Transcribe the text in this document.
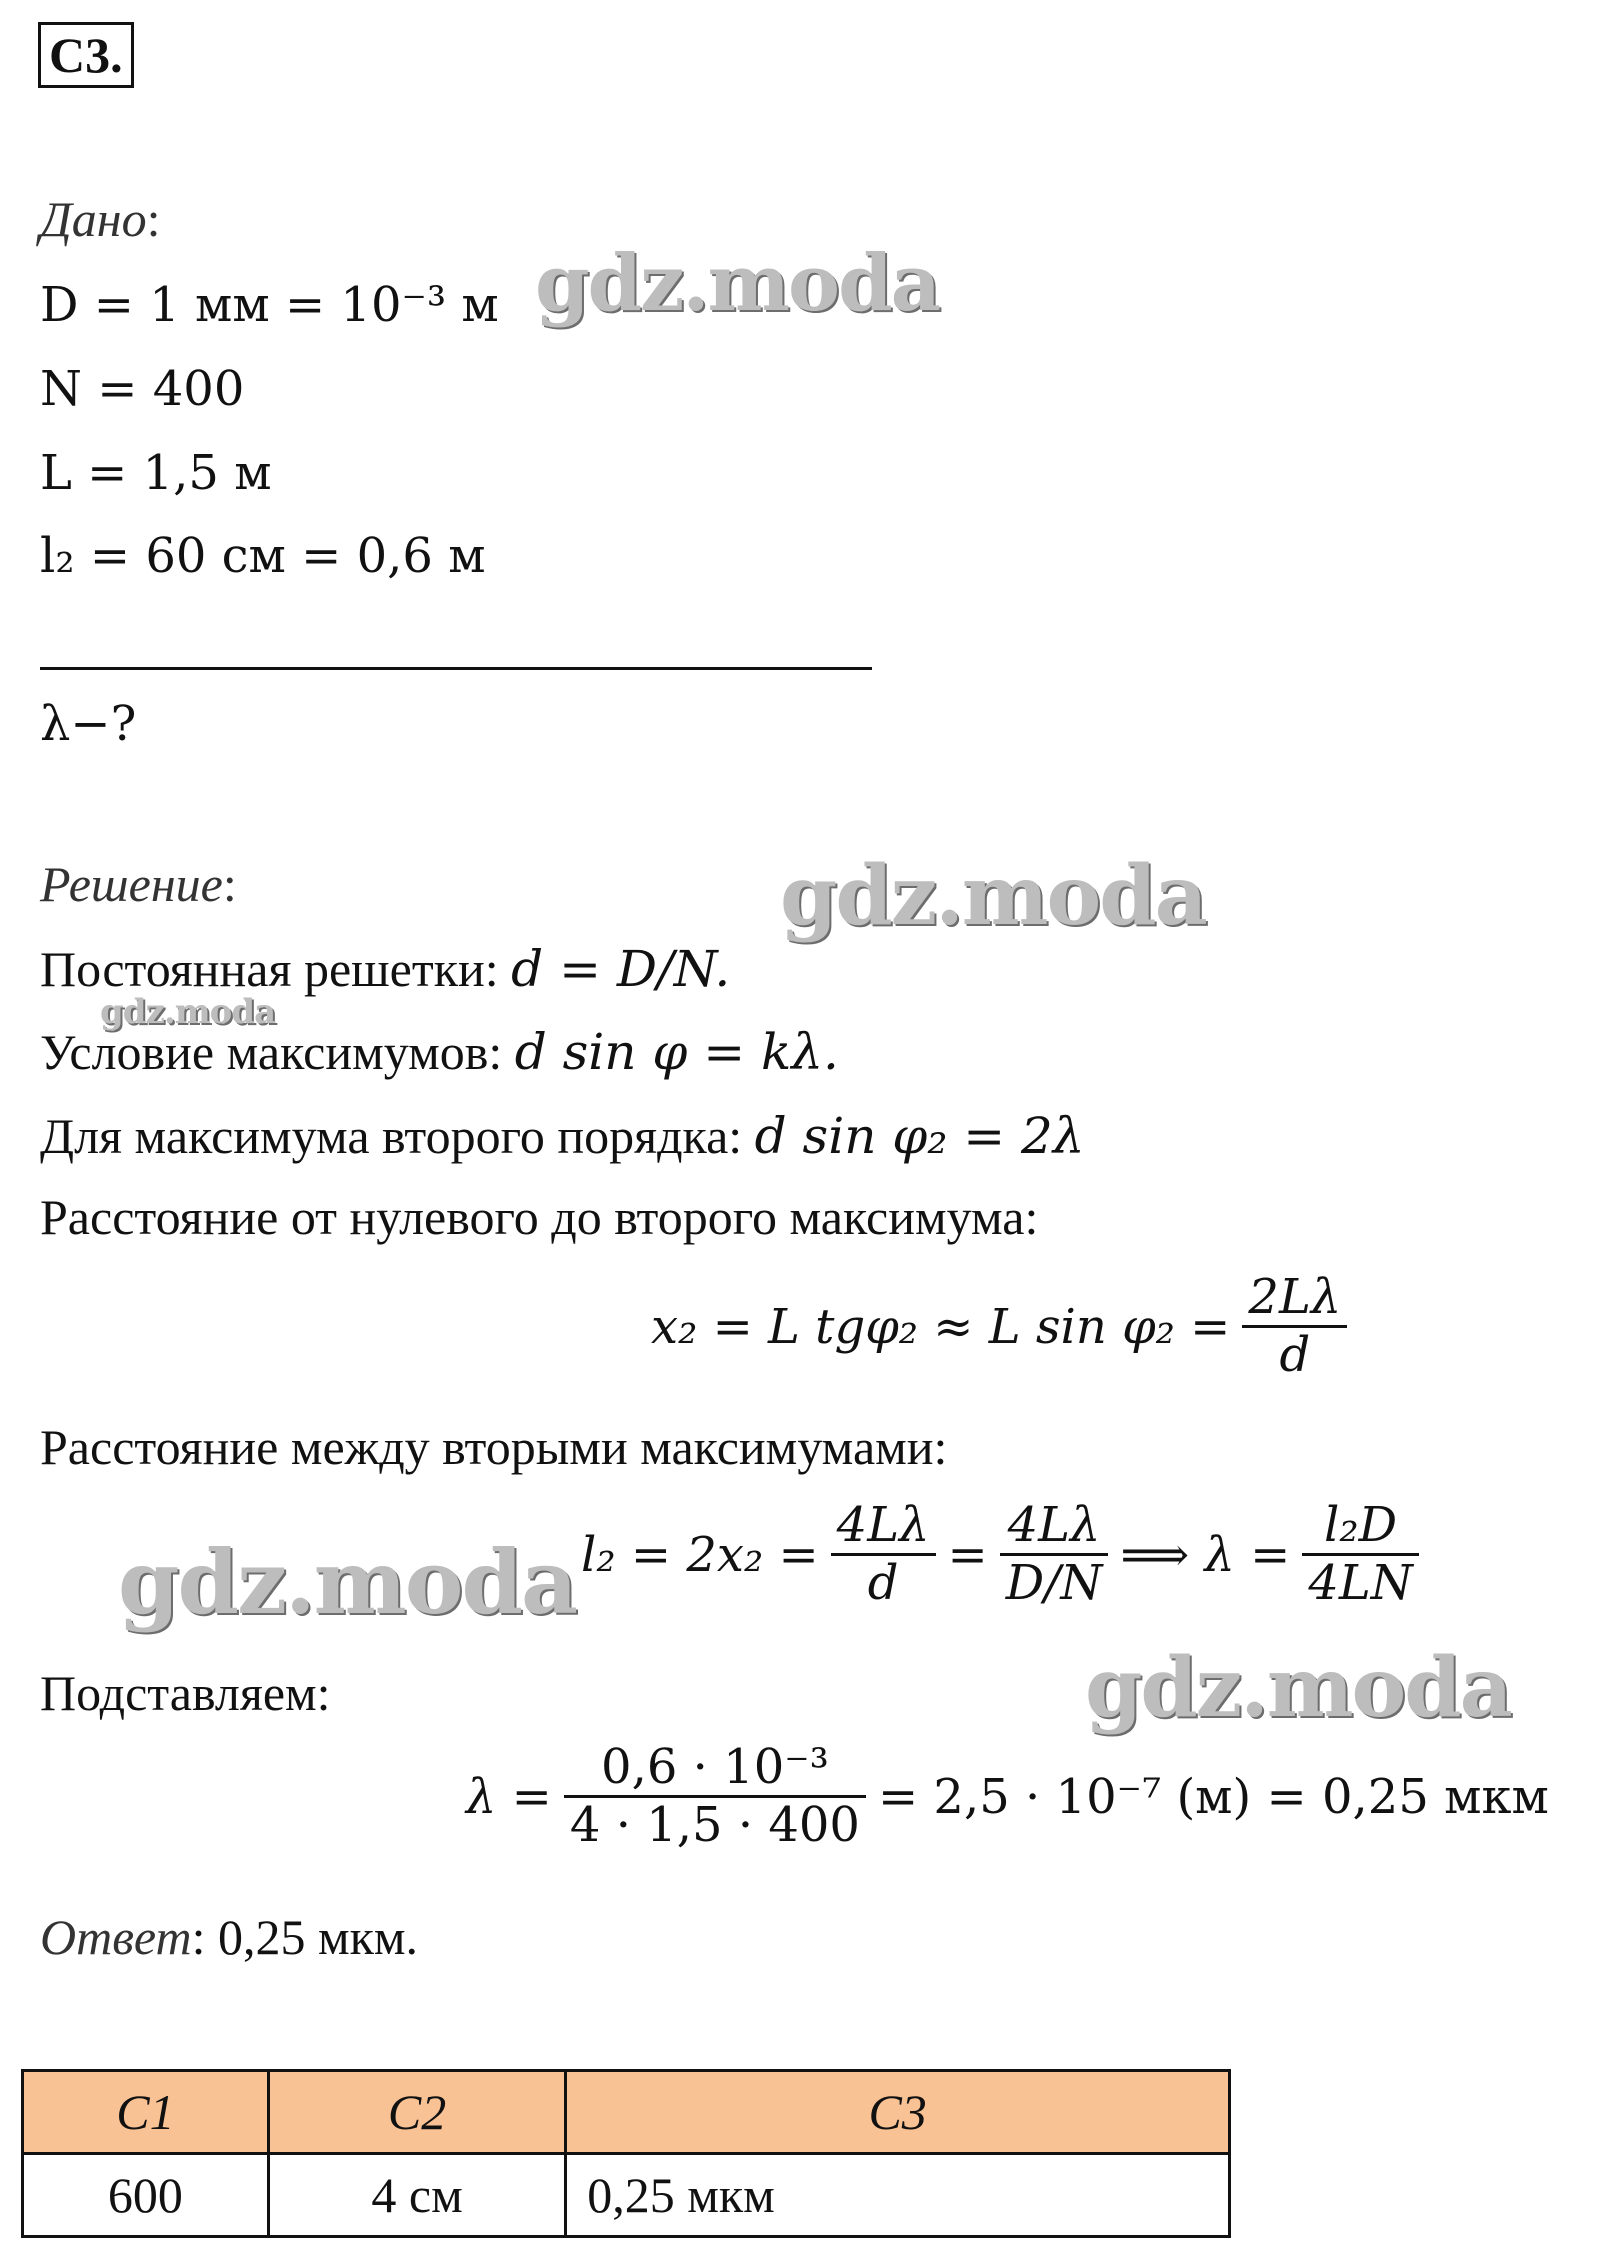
C3.
Дано:
D = 1 мм = 10⁻³ м
N = 400
L = 1,5 м
l₂ = 60 см = 0,6 м
λ−?
Решение:
Постоянная решетки: d = D/N.
Условие максимумов: d sin φ = kλ.
Для максимума второго порядка: d sin φ₂ = 2λ
Расстояние от нулевого до второго максимума:
x₂ = L tgφ₂ ≈ L $\sin \varphi_2 = \frac{2L\lambda}{d}$
Расстояние между вторыми максимумами:
$l_2 = 2x_2 = \frac{4L\lambda}{d} = \frac{4L\lambda}{D/N}$ ⟹ $\lambda = \frac{\text{l₂D}}{4LN}$
Подставляем:
$\lambda = \frac{\text{0,6 · 10⁻³}}{4 \cdot 1,5 \cdot 400} = 2,5 \cdot 10^{-7}$ (м) = 0,25 мкм
Ответ: 0,25 мкм.
C1	C2	C3
600	4 см	0,25 мкм
gdz.moda
gdz.moda
gdz.moda
gdz.moda
gdz.moda
